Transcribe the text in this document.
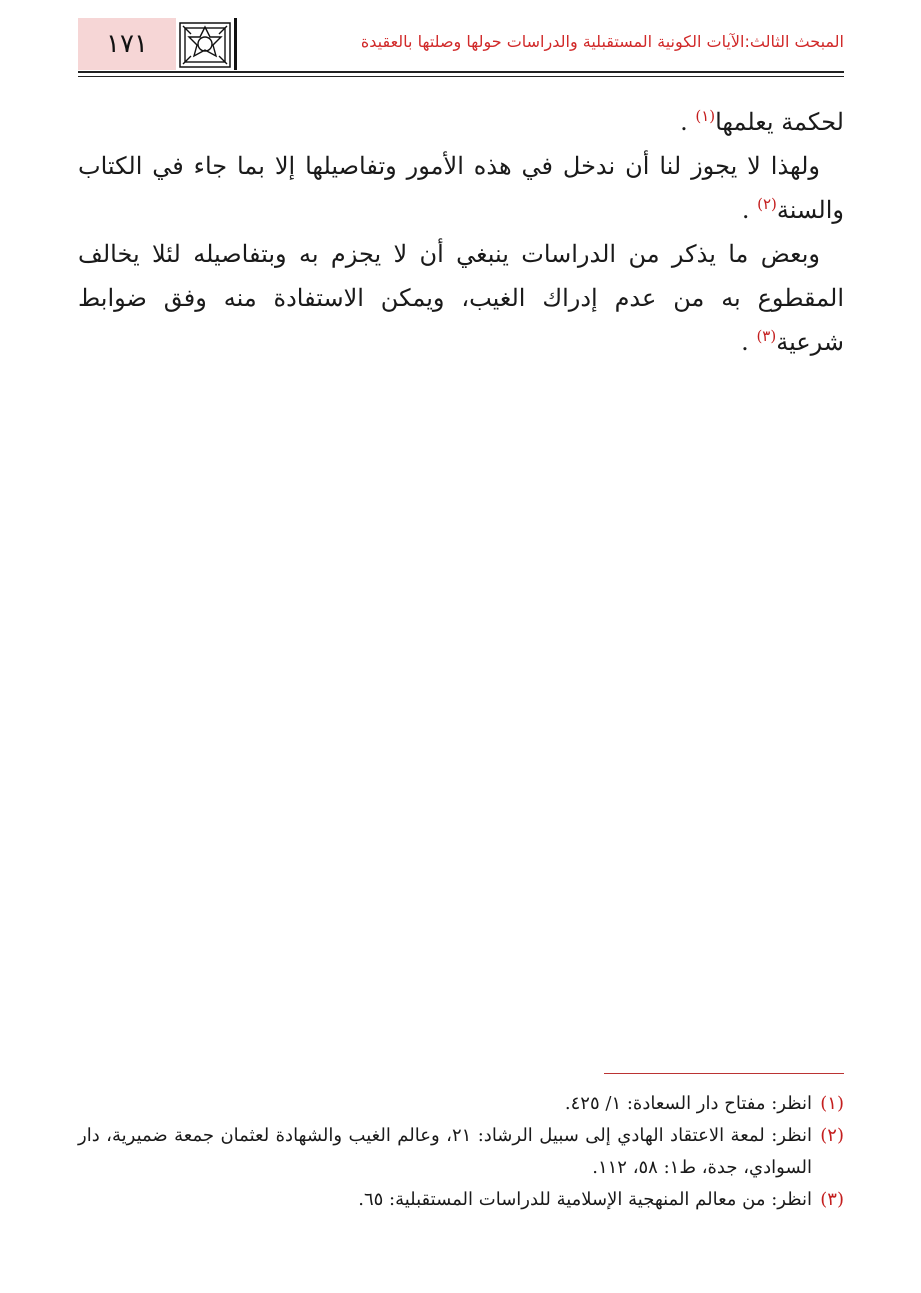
١٧١	المبحث الثالث:الآيات الكونية المستقبلية والدراسات حولها وصلتها بالعقيدة

لحكمة يعلمها$^{(١)}$ .

ولهذا لا يجوز لنا أن ندخل في هذه الأمور وتفاصيلها إلا بما جاء في الكتاب والسنة$^{(٢)}$ .

وبعض ما يذكر من الدراسات ينبغي أن لا يجزم به وبتفاصيله لئلا يخالف المقطوع به من عدم إدراك الغيب، ويمكن الاستفادة منه وفق ضوابط شرعية$^{(٣)}$ .

(١)
انظر: مفتاح دار السعادة: ١/ ٤٢٥.
(٢)
انظر: لمعة الاعتقاد الهادي إلى سبيل الرشاد: ٢١، وعالم الغيب والشهادة لعثمان جمعة ضميرية، دار السوادي، جدة، ط١: ٥٨، ١١٢.
(٣)
انظر: من معالم المنهجية الإسلامية للدراسات المستقبلية: ٦٥.
